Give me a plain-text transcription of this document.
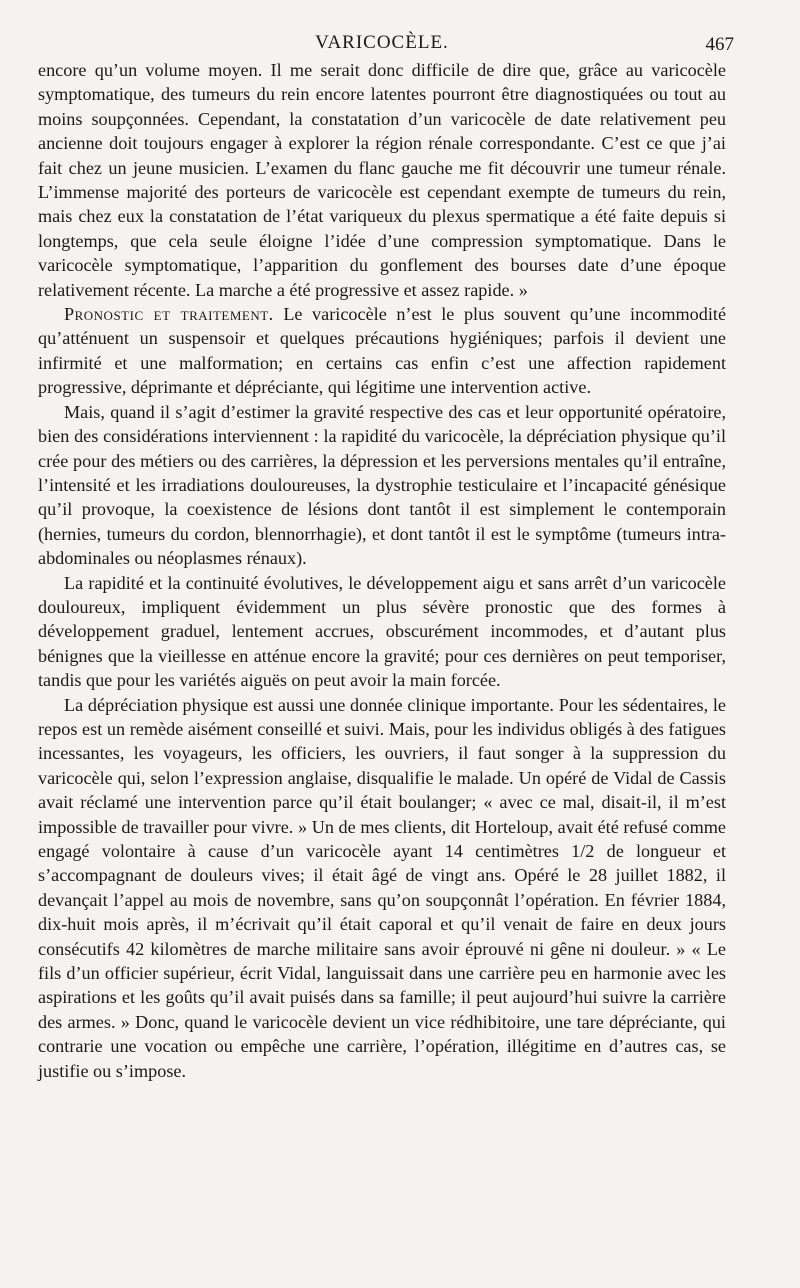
VARICOCÈLE.	467

encore qu’un volume moyen. Il me serait donc difficile de dire que, grâce au varicocèle symptomatique, des tumeurs du rein encore latentes pourront être diagnostiquées ou tout au moins soupçonnées. Cependant, la constatation d’un varicocèle de date relativement peu ancienne doit toujours engager à explorer la région rénale correspondante. C’est ce que j’ai fait chez un jeune musicien. L’examen du flanc gauche me fit découvrir une tumeur rénale. L’immense majorité des porteurs de varicocèle est cependant exempte de tumeurs du rein, mais chez eux la constatation de l’état variqueux du plexus spermatique a été faite depuis si longtemps, que cela seule éloigne l’idée d’une compression symptomatique. Dans le varicocèle symptomatique, l’apparition du gonflement des bourses date d’une époque relativement récente. La marche a été progressive et assez rapide. »

Pronostic et traitement. Le varicocèle n’est le plus souvent qu’une incommodité qu’atténuent un suspensoir et quelques précautions hygiéniques; parfois il devient une infirmité et une malformation; en certains cas enfin c’est une affection rapidement progressive, déprimante et dépréciante, qui légitime une intervention active.

Mais, quand il s’agit d’estimer la gravité respective des cas et leur opportunité opératoire, bien des considérations interviennent : la rapidité du varicocèle, la dépréciation physique qu’il crée pour des métiers ou des carrières, la dépression et les perversions mentales qu’il entraîne, l’intensité et les irradiations douloureuses, la dystrophie testiculaire et l’incapacité génésique qu’il provoque, la coexistence de lésions dont tantôt il est simplement le contemporain (hernies, tumeurs du cordon, blennorrhagie), et dont tantôt il est le symptôme (tumeurs intra-abdominales ou néoplasmes rénaux).

La rapidité et la continuité évolutives, le développement aigu et sans arrêt d’un varicocèle douloureux, impliquent évidemment un plus sévère pronostic que des formes à développement graduel, lentement accrues, obscurément incommodes, et d’autant plus bénignes que la vieillesse en atténue encore la gravité; pour ces dernières on peut temporiser, tandis que pour les variétés aiguës on peut avoir la main forcée.

La dépréciation physique est aussi une donnée clinique importante. Pour les sédentaires, le repos est un remède aisément conseillé et suivi. Mais, pour les individus obligés à des fatigues incessantes, les voyageurs, les officiers, les ouvriers, il faut songer à la suppression du varicocèle qui, selon l’expression anglaise, disqualifie le malade. Un opéré de Vidal de Cassis avait réclamé une intervention parce qu’il était boulanger; « avec ce mal, disait-il, il m’est impossible de travailler pour vivre. » Un de mes clients, dit Horteloup, avait été refusé comme engagé volontaire à cause d’un varicocèle ayant 14 centimètres 1/2 de longueur et s’accompagnant de douleurs vives; il était âgé de vingt ans. Opéré le 28 juillet 1882, il devançait l’appel au mois de novembre, sans qu’on soupçonnât l’opération. En février 1884, dix-huit mois après, il m’écrivait qu’il était caporal et qu’il venait de faire en deux jours consécutifs 42 kilomètres de marche militaire sans avoir éprouvé ni gêne ni douleur. » « Le fils d’un officier supérieur, écrit Vidal, languissait dans une carrière peu en harmonie avec les aspirations et les goûts qu’il avait puisés dans sa famille; il peut aujourd’hui suivre la carrière des armes. » Donc, quand le varicocèle devient un vice rédhibitoire, une tare dépréciante, qui contrarie une vocation ou empêche une carrière, l’opération, illégitime en d’autres cas, se justifie ou s’impose.
